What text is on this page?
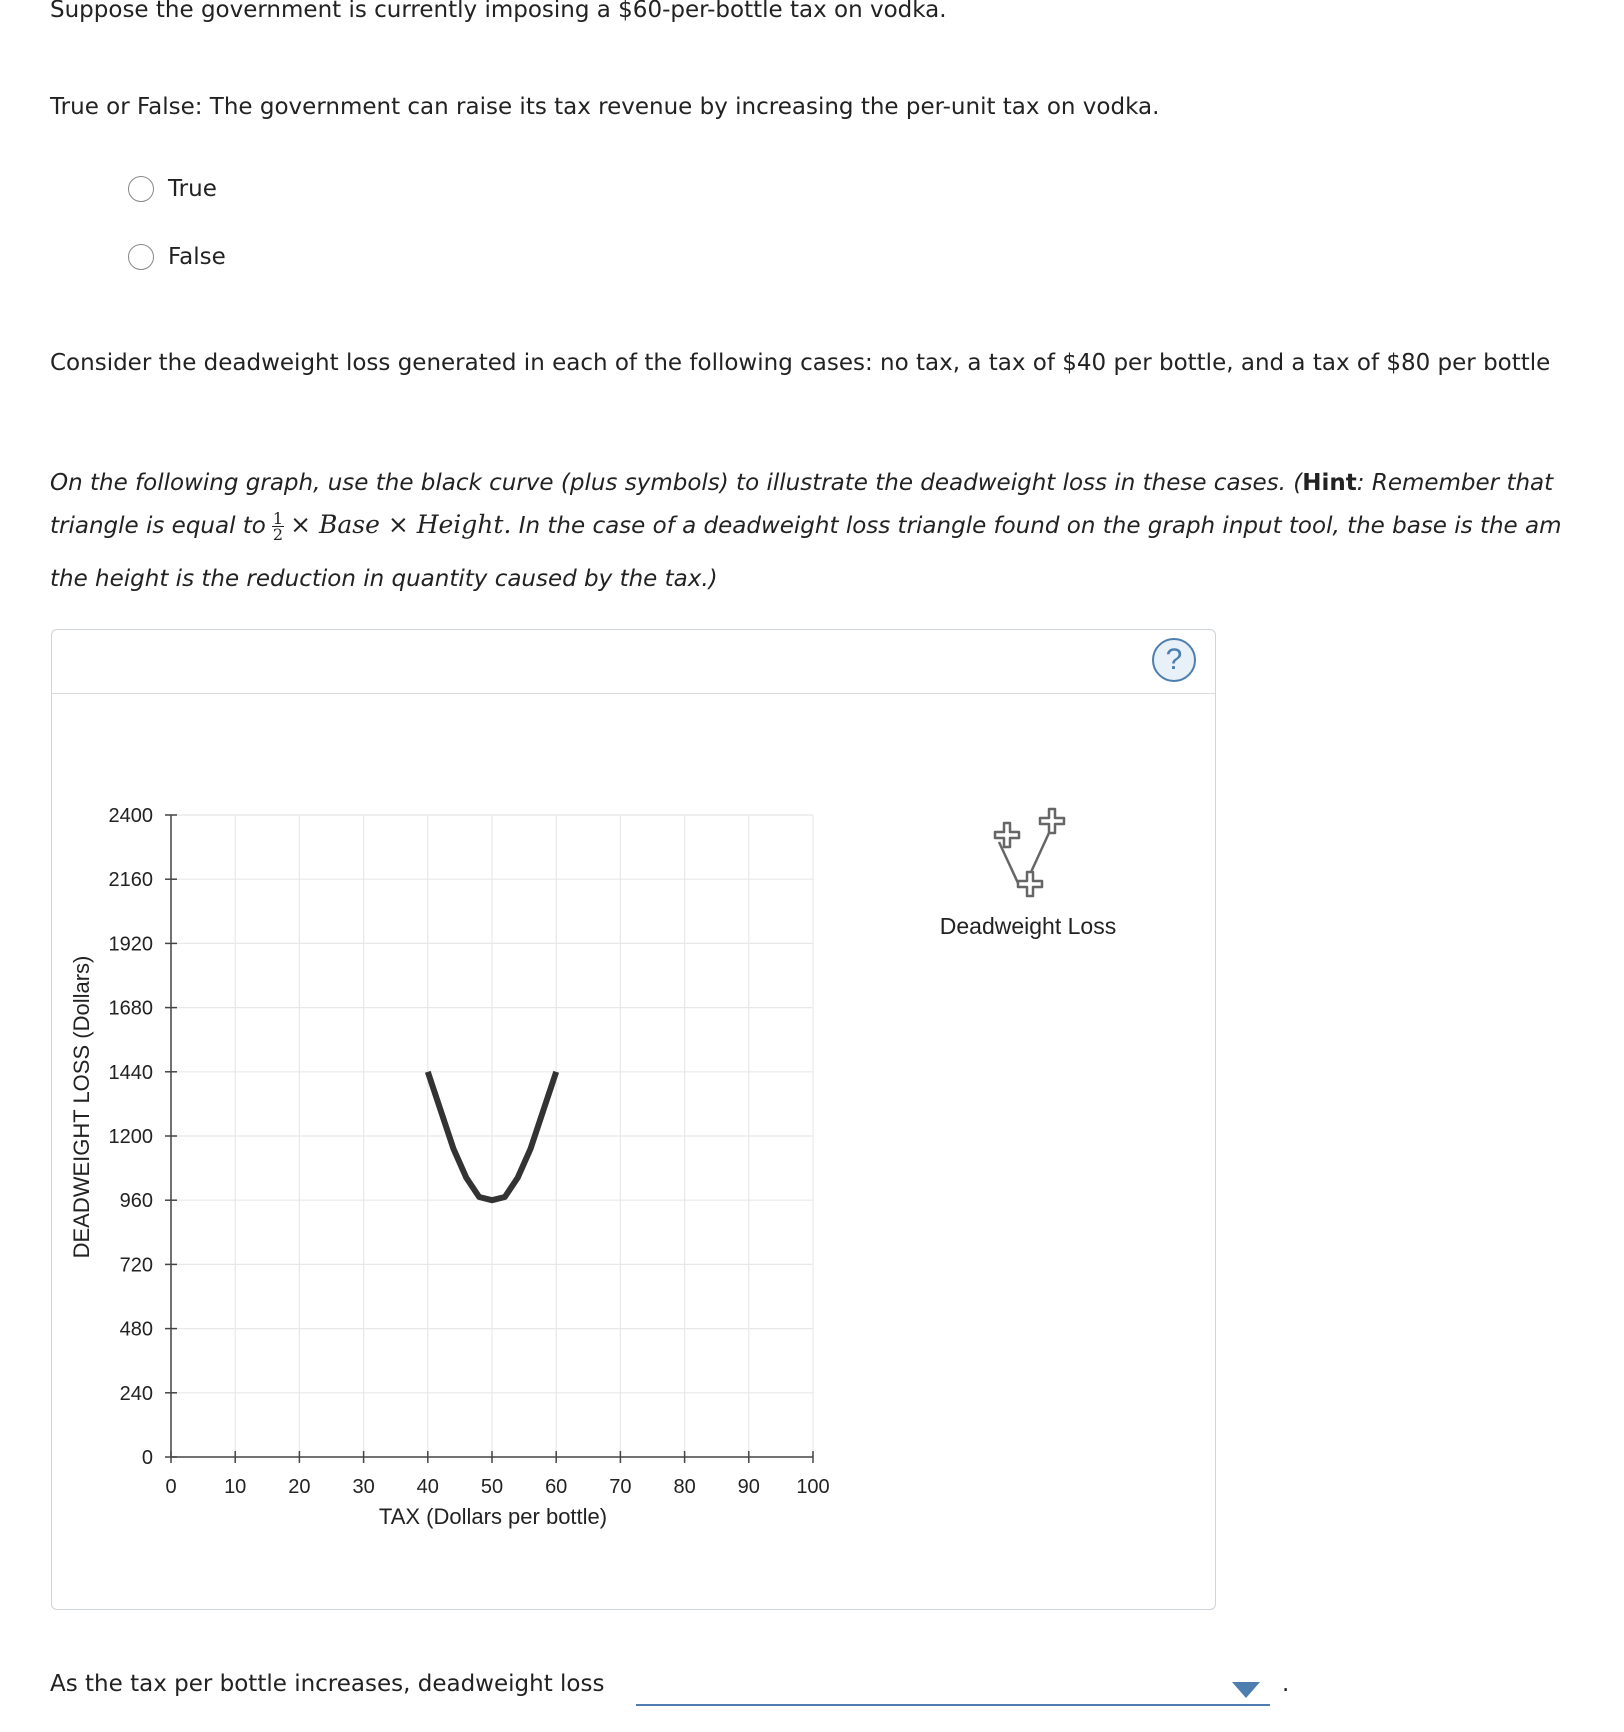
Suppose the government is currently imposing a $60-per-bottle tax on vodka.
True or False: The government can raise its tax revenue by increasing the per-unit tax on vodka.
True
False
Consider the deadweight loss generated in each of the following cases: no tax, a tax of $40 per bottle, and a tax of $80 per bottle
On the following graph, use the black curve (plus symbols) to illustrate the deadweight loss in these cases. (Hint: Remember that
triangle is equal to $\frac{1}{2}$ × Base × Height. In the case of a deadweight loss triangle found on the graph input tool, the base is the am
the height is the reduction in quantity caused by the tax.)
?
0 10 20 30 40 50 60 70 80 90 100
0
240
480
720
960
1200
1440
1680
1920
2160
2400
TAX (Dollars per bottle)
DEADWEIGHT LOSS (Dollars)
Deadweight Loss
As the tax per bottle increases, deadweight loss	.
